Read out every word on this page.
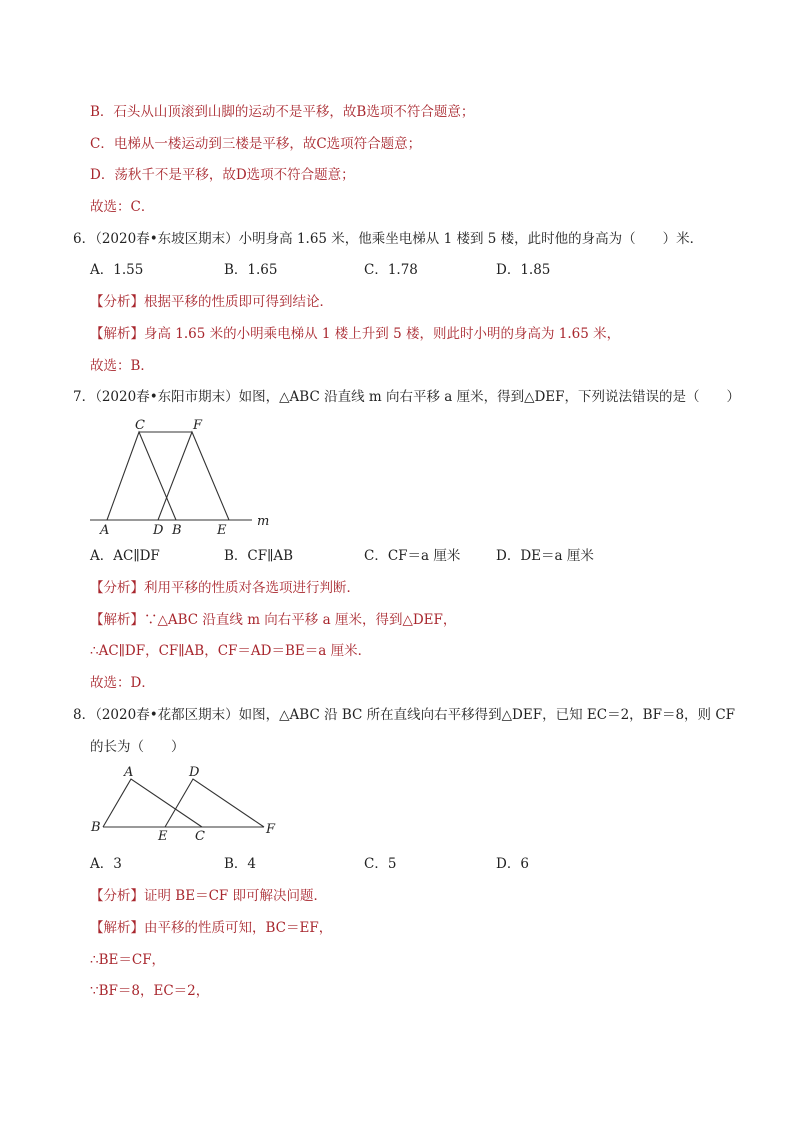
B．石头从山顶滚到山脚的运动不是平移，故B选项不符合题意；
C．电梯从一楼运动到三楼是平移，故C选项符合题意；
D．荡秋千不是平移，故D选项不符合题意；
故选：C．
6．（2020春•东坡区期末）小明身高 1.65 米，他乘坐电梯从 1 楼到 5 楼，此时他的身高为（　　）米．
A．1.55	B．1.65	C．1.78	D．1.85
【分析】根据平移的性质即可得到结论．
【解析】身高 1.65 米的小明乘电梯从 1 楼上升到 5 楼，则此时小明的身高为 1.65 米，
故选：B．
7．（2020春•东阳市期末）如图，△ABC 沿直线 m 向右平移 a 厘米，得到△DEF，下列说法错误的是（　　）
C	F
A	D B	E
m
A	D
B
E C	F
A．AC∥DF	B．CF∥AB	C．CF＝a 厘米	D．DE＝a 厘米
【分析】利用平移的性质对各选项进行判断．
【解析】∵△ABC 沿直线 m 向右平移 a 厘米，得到△DEF，
∴AC∥DF，CF∥AB，CF＝AD＝BE＝a 厘米．
故选：D．
8．（2020春•花都区期末）如图，△ABC 沿 BC 所在直线向右平移得到△DEF，已知 EC＝2，BF＝8，则 CF
的长为（　　）
A．3	B．4	C．5	D．6
【分析】证明 BE＝CF 即可解决问题．
【解析】由平移的性质可知，BC＝EF，
∴BE＝CF，
∵BF＝8，EC＝2，
